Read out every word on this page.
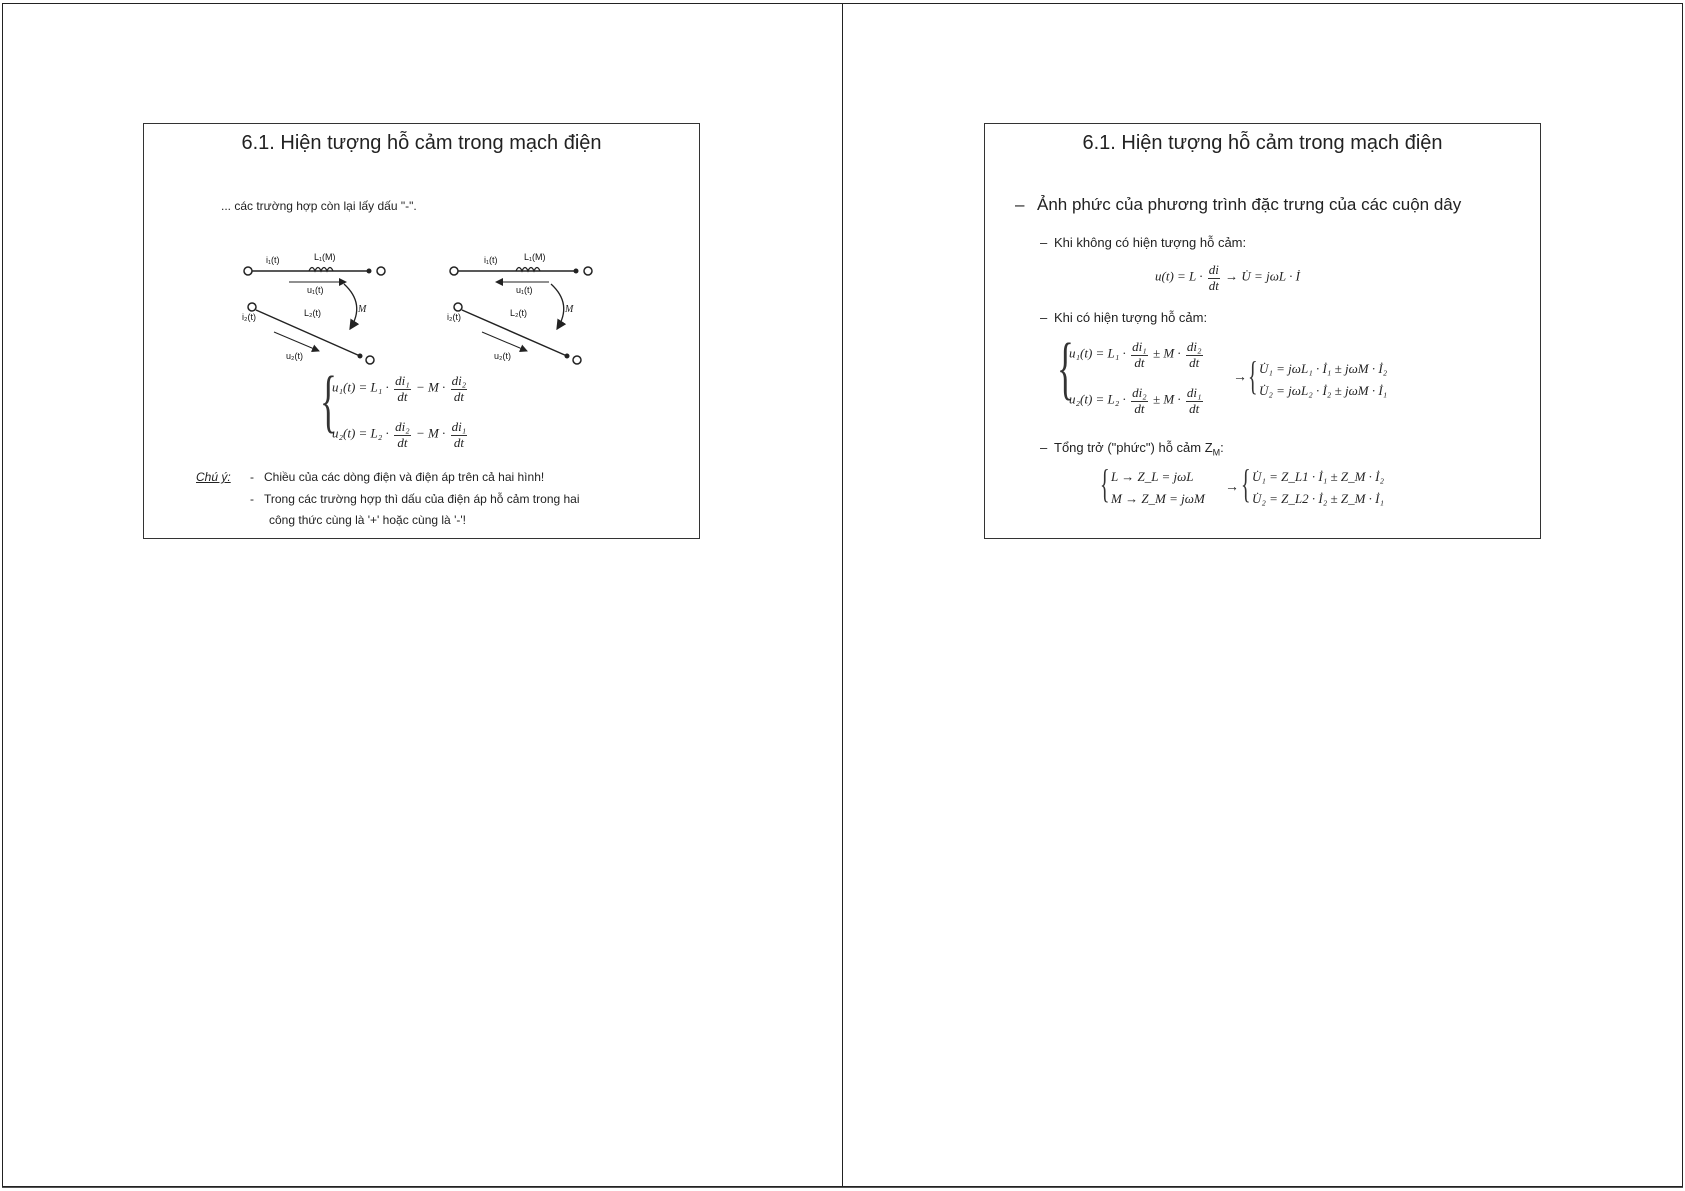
6.1. Hiện tượng hỗ cảm trong mạch điện
... các trường hợp còn lại lấy dấu "-".
i₁(t)	L₁(M)
u₁(t)
i₂(t)	L₂(t)
u₂(t)
M
i₁(t)	L₁(M)
u₁(t)
i₂(t)	L₂(t)
u₂(t)
M
{
$u_1(t) = L_1 \cdot \frac{\text{di₁}}{dt} - M \cdot \frac{\text{di₂}}{dt}$
$u_2(t) = L_2 \cdot \frac{\text{di₂}}{dt} - M \cdot \frac{\text{di₁}}{dt}$
Chú ý: -   Chiều của các dòng điện và điện áp trên cả hai hình!
-   Trong các trường hợp thì dấu của điện áp hỗ cảm trong hai
công thức cùng là '+' hoặc cùng là '-'!
6.1. Hiện tượng hỗ cảm trong mạch điện
– Ảnh phức của phương trình đặc trưng của các cuộn dây
– Khi không có hiện tượng hỗ cảm:
$u(t) = L \cdot \frac{di}{dt}$ → U̇ = jωL · İ
– Khi có hiện tượng hỗ cảm:
{
$u_1(t) = L_1 \cdot \frac{\text{di₁}}{dt} \pm M \cdot \frac{\text{di₂}}{dt}$
$u_2(t) = L_2 \cdot \frac{\text{di₂}}{dt} \pm M \cdot \frac{\text{di₁}}{dt}$
→ { U̇₁ = jωL₁ · İ₁ ± jωM · İ₂
U̇₂ = jωL₂ · İ₂ ± jωM · İ₁
– Tổng trở ("phức") hỗ cảm $Z_M$:
{ L → Z_L = jωL
M → Z_M = jωM
→ { U̇₁ = Z_L1 · İ₁ ± Z_M · İ₂
U̇₂ = Z_L2 · İ₂ ± Z_M · İ₁
